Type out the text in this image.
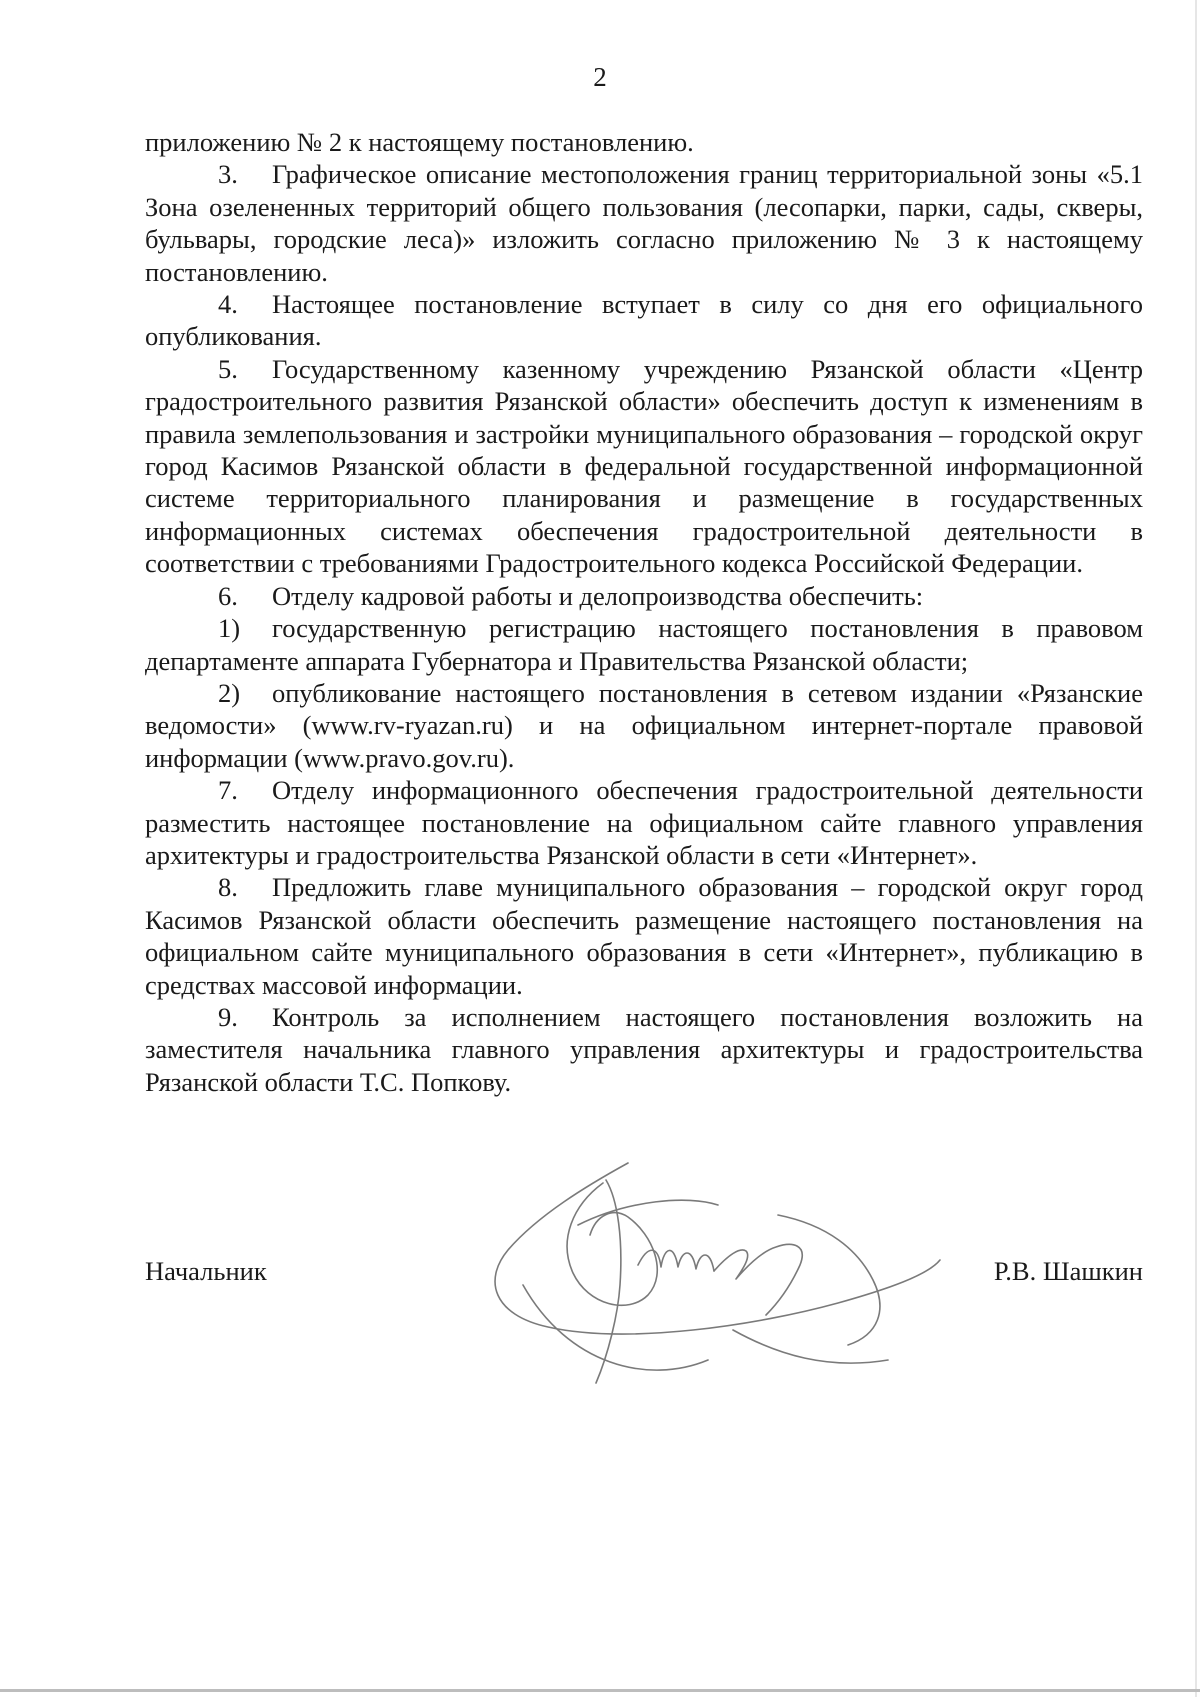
2

приложению № 2 к настоящему постановлению.

3. Графическое описание местоположения границ территориальной зоны «5.1 Зона озелененных территорий общего пользования (лесопарки, парки, сады, скверы, бульвары, городские леса)» изложить согласно приложению № 3 к настоящему постановлению.

4. Настоящее постановление вступает в силу со дня его официального опубликования.

5. Государственному казенному учреждению Рязанской области «Центр градостроительного развития Рязанской области» обеспечить доступ к изменениям в правила землепользования и застройки муниципального образования – городской округ город Касимов Рязанской области в федеральной государственной информационной системе территориального планирования и размещение в государственных информационных системах обеспечения градостроительной деятельности в соответствии с требованиями Градостроительного кодекса Российской Федерации.

6. Отделу кадровой работы и делопроизводства обеспечить:

1) государственную регистрацию настоящего постановления в правовом департаменте аппарата Губернатора и Правительства Рязанской области;

2) опубликование настоящего постановления в сетевом издании «Рязанские ведомости» (www.rv-ryazan.ru) и на официальном интернет-портале правовой информации (www.pravo.gov.ru).

7. Отделу информационного обеспечения градостроительной деятельности разместить настоящее постановление на официальном сайте главного управления архитектуры и градостроительства Рязанской области в сети «Интернет».

8. Предложить главе муниципального образования – городской округ город Касимов Рязанской области обеспечить размещение настоящего постановления на официальном сайте муниципального образования в сети «Интернет», публикацию в средствах массовой информации.

9. Контроль за исполнением настоящего постановления возложить на заместителя начальника главного управления архитектуры и градостроительства Рязанской области Т.С. Попкову.

Начальник	Р.В. Шашкин
